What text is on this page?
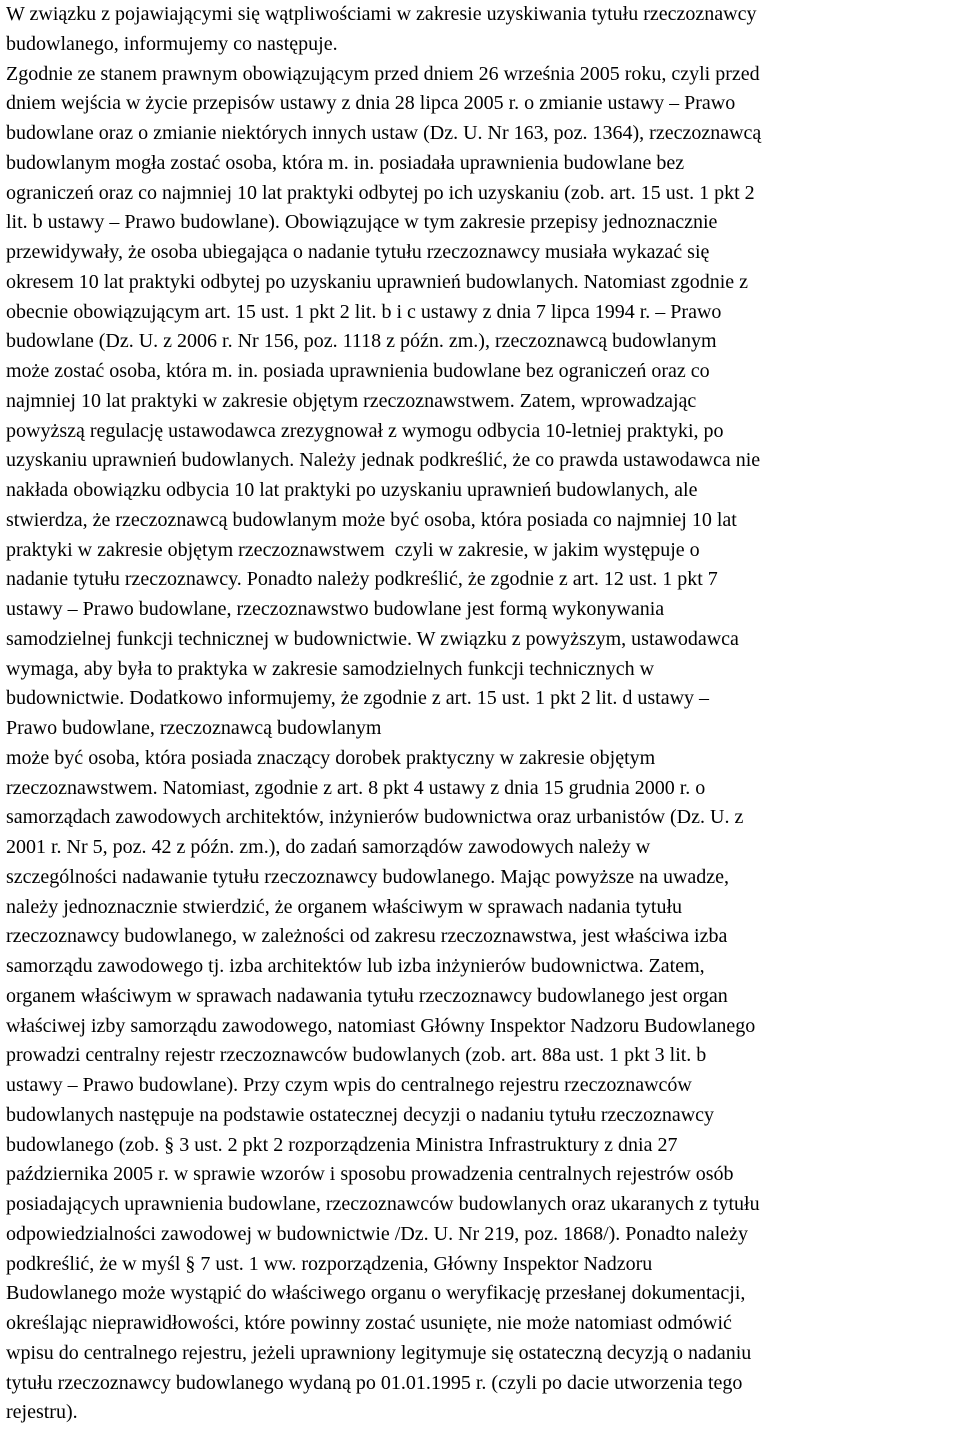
W związku z pojawiającymi się wątpliwościami w zakresie uzyskiwania tytułu rzeczoznawcy
budowlanego, informujemy co następuje.
Zgodnie ze stanem prawnym obowiązującym przed dniem 26 września 2005 roku, czyli przed
dniem wejścia w życie przepisów ustawy z dnia 28 lipca 2005 r. o zmianie ustawy – Prawo
budowlane oraz o zmianie niektórych innych ustaw (Dz. U. Nr 163, poz. 1364), rzeczoznawcą
budowlanym mogła zostać osoba, która m. in. posiadała uprawnienia budowlane bez
ograniczeń oraz co najmniej 10 lat praktyki odbytej po ich uzyskaniu (zob. art. 15 ust. 1 pkt 2
lit. b ustawy – Prawo budowlane). Obowiązujące w tym zakresie przepisy jednoznacznie
przewidywały, że osoba ubiegająca o nadanie tytułu rzeczoznawcy musiała wykazać się
okresem 10 lat praktyki odbytej po uzyskaniu uprawnień budowlanych. Natomiast zgodnie z
obecnie obowiązującym art. 15 ust. 1 pkt 2 lit. b i c ustawy z dnia 7 lipca 1994 r. – Prawo
budowlane (Dz. U. z 2006 r. Nr 156, poz. 1118 z późn. zm.), rzeczoznawcą budowlanym
może zostać osoba, która m. in. posiada uprawnienia budowlane bez ograniczeń oraz co
najmniej 10 lat praktyki w zakresie objętym rzeczoznawstwem. Zatem, wprowadzając
powyższą regulację ustawodawca zrezygnował z wymogu odbycia 10-letniej praktyki, po
uzyskaniu uprawnień budowlanych. Należy jednak podkreślić, że co prawda ustawodawca nie
nakłada obowiązku odbycia 10 lat praktyki po uzyskaniu uprawnień budowlanych, ale
stwierdza, że rzeczoznawcą budowlanym może być osoba, która posiada co najmniej 10 lat
praktyki w zakresie objętym rzeczoznawstwem  czyli w zakresie, w jakim występuje o
nadanie tytułu rzeczoznawcy. Ponadto należy podkreślić, że zgodnie z art. 12 ust. 1 pkt 7
ustawy – Prawo budowlane, rzeczoznawstwo budowlane jest formą wykonywania
samodzielnej funkcji technicznej w budownictwie. W związku z powyższym, ustawodawca
wymaga, aby była to praktyka w zakresie samodzielnych funkcji technicznych w
budownictwie. Dodatkowo informujemy, że zgodnie z art. 15 ust. 1 pkt 2 lit. d ustawy –
Prawo budowlane, rzeczoznawcą budowlanym
może być osoba, która posiada znaczący dorobek praktyczny w zakresie objętym
rzeczoznawstwem. Natomiast, zgodnie z art. 8 pkt 4 ustawy z dnia 15 grudnia 2000 r. o
samorządach zawodowych architektów, inżynierów budownictwa oraz urbanistów (Dz. U. z
2001 r. Nr 5, poz. 42 z późn. zm.), do zadań samorządów zawodowych należy w
szczególności nadawanie tytułu rzeczoznawcy budowlanego. Mając powyższe na uwadze,
należy jednoznacznie stwierdzić, że organem właściwym w sprawach nadania tytułu
rzeczoznawcy budowlanego, w zależności od zakresu rzeczoznawstwa, jest właściwa izba
samorządu zawodowego tj. izba architektów lub izba inżynierów budownictwa. Zatem,
organem właściwym w sprawach nadawania tytułu rzeczoznawcy budowlanego jest organ
właściwej izby samorządu zawodowego, natomiast Główny Inspektor Nadzoru Budowlanego
prowadzi centralny rejestr rzeczoznawców budowlanych (zob. art. 88a ust. 1 pkt 3 lit. b
ustawy – Prawo budowlane). Przy czym wpis do centralnego rejestru rzeczoznawców
budowlanych następuje na podstawie ostatecznej decyzji o nadaniu tytułu rzeczoznawcy
budowlanego (zob. § 3 ust. 2 pkt 2 rozporządzenia Ministra Infrastruktury z dnia 27
października 2005 r. w sprawie wzorów i sposobu prowadzenia centralnych rejestrów osób
posiadających uprawnienia budowlane, rzeczoznawców budowlanych oraz ukaranych z tytułu
odpowiedzialności zawodowej w budownictwie /Dz. U. Nr 219, poz. 1868/). Ponadto należy
podkreślić, że w myśl § 7 ust. 1 ww. rozporządzenia, Główny Inspektor Nadzoru
Budowlanego może wystąpić do właściwego organu o weryfikację przesłanej dokumentacji,
określając nieprawidłowości, które powinny zostać usunięte, nie może natomiast odmówić
wpisu do centralnego rejestru, jeżeli uprawniony legitymuje się ostateczną decyzją o nadaniu
tytułu rzeczoznawcy budowlanego wydaną po 01.01.1995 r. (czyli po dacie utworzenia tego
rejestru).
